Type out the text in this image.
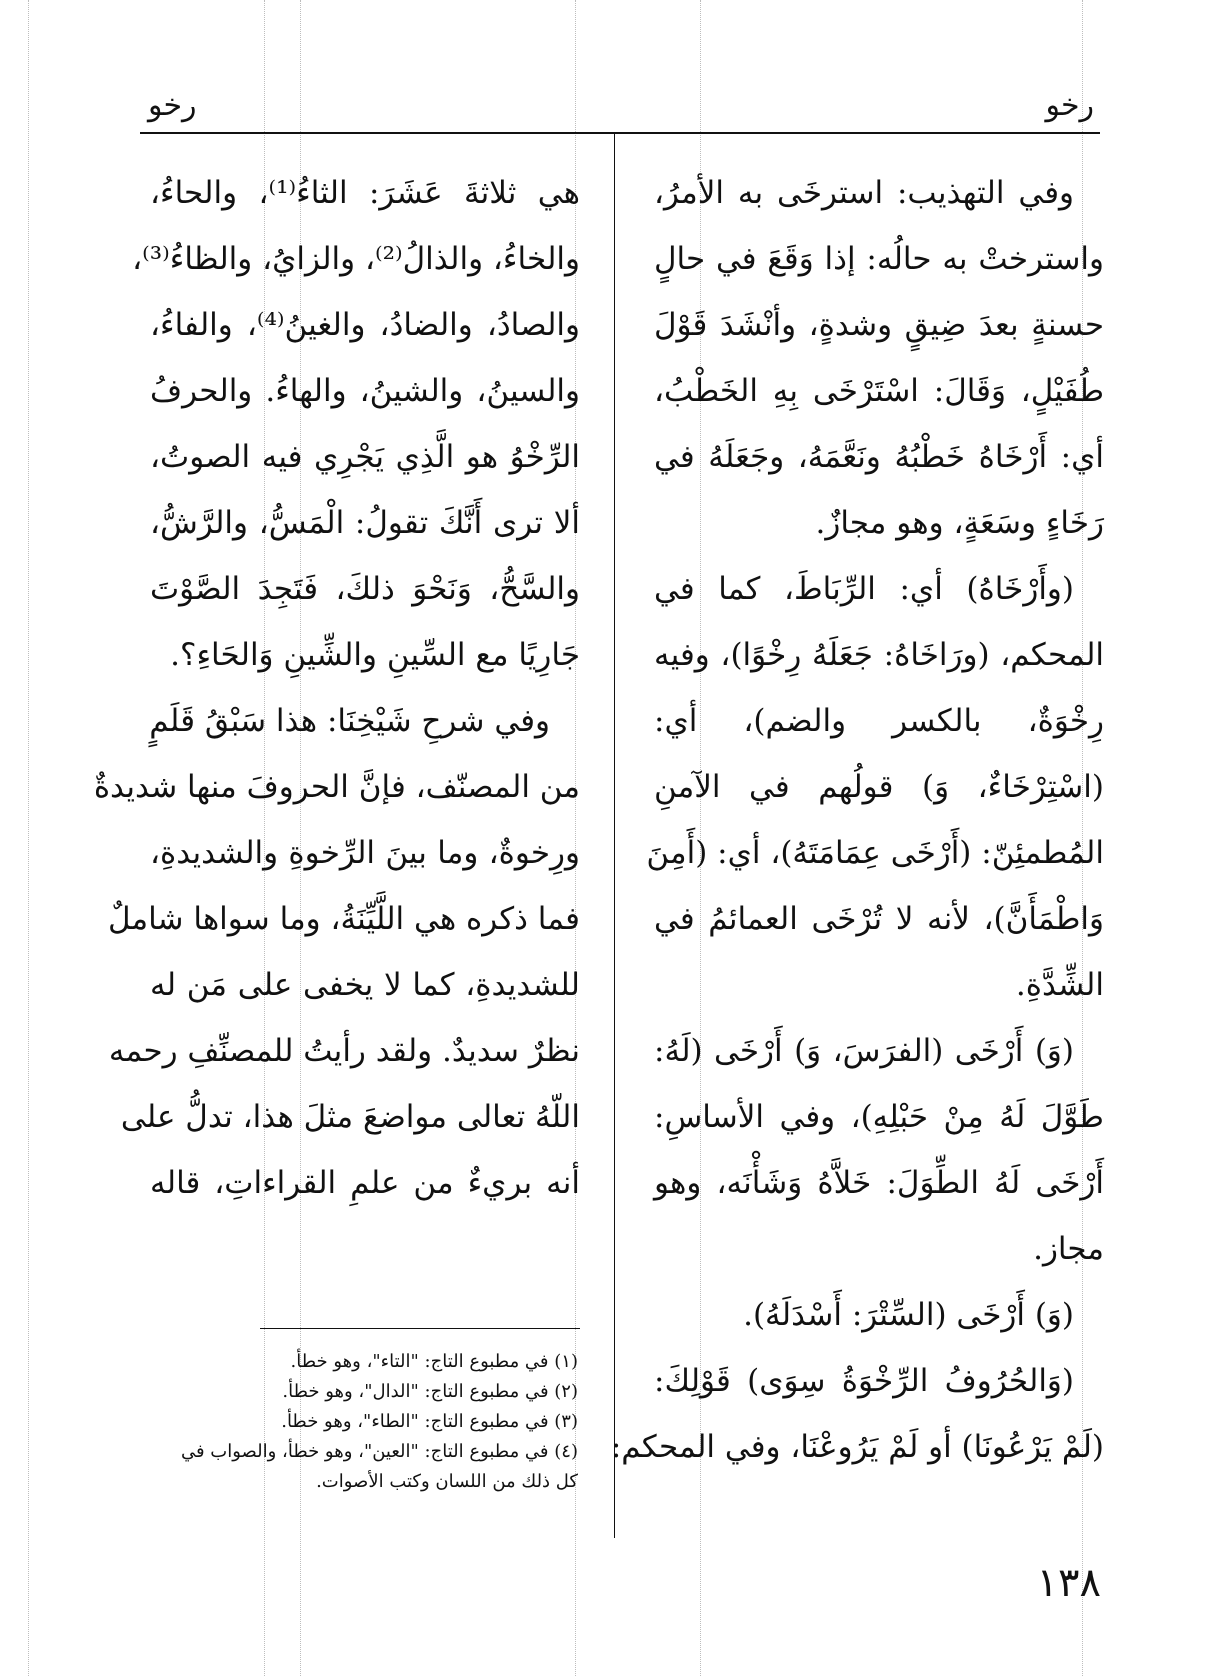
رخو
رخو
وفي التهذيب: استرخَى به الأمرُ،
واسترختْ به حالُه: إذا وَقَعَ في حالٍ
حسنةٍ بعدَ ضِيقٍ وشدةٍ، وأنْشَدَ قَوْلَ
طُفَيْلٍ، وَقَالَ: اسْتَرْخَى بِهِ الخَطْبُ،
أي: أَرْخَاهُ خَطْبُهُ ونَعَّمَهُ، وجَعَلَهُ في
رَخَاءٍ وسَعَةٍ، وهو مجازٌ.
(وأَرْخَاهُ) أي: الرِّبَاطَ، كما في
المحكم، (ورَاخَاهُ: جَعَلَهُ رِخْوًا)، وفيه
رِخْوَةٌ، بالكسر والضم)، أي:
(اسْتِرْخَاءٌ، وَ) قولُهم في الآمنِ
المُطمئِنّ: (أَرْخَى عِمَامَتَهُ)، أي: (أَمِنَ
وَاطْمَأَنَّ)، لأنه لا تُرْخَى العمائمُ في
الشِّدَّةِ.
(وَ) أَرْخَى (الفرَسَ، وَ) أَرْخَى (لَهُ:
طَوَّلَ لَهُ مِنْ حَبْلِهِ)، وفي الأساسِ:
أَرْخَى لَهُ الطِّوَلَ: خَلاَّهُ وَشَأْنَه، وهو
مجاز.
(وَ) أَرْخَى (السِّتْرَ: أَسْدَلَهُ).
(وَالحُرُوفُ الرِّخْوَةُ سِوَى) قَوْلِكَ:
(لَمْ يَرْعُونَا) أو لَمْ يَرُوعْنَا، وفي المحكم:
هي ثلاثةَ عَشَرَ: الثاءُ⁽¹⁾، والحاءُ،
والخاءُ، والذالُ⁽²⁾، والزايُ، والظاءُ⁽³⁾،
والصادُ، والضادُ، والغينُ⁽⁴⁾، والفاءُ،
والسينُ، والشينُ، والهاءُ. والحرفُ
الرِّخْوُ هو الَّذِي يَجْرِي فيه الصوتُ،
ألا ترى أَنَّكَ تقولُ: الْمَسُّ، والرَّشُّ،
والسَّحُّ، وَنَحْوَ ذلكَ، فَتَجِدَ الصَّوْتَ
جَارِيًا مع السِّينِ والشِّينِ وَالحَاءِ؟.
وفي شرحِ شَيْخِنَا: هذا سَبْقُ قَلَمٍ
من المصنّف، فإنَّ الحروفَ منها شديدةٌ
ورِخوةٌ، وما بينَ الرِّخوةِ والشديدةِ،
فما ذكره هي اللَّيِّنَةُ، وما سواها شاملٌ
للشديدةِ، كما لا يخفى على مَن له
نظرٌ سديدٌ. ولقد رأيتُ للمصنِّفِ رحمه
اللّهُ تعالى مواضعَ مثلَ هذا، تدلُّ على
أنه بريءٌ من علمِ القراءاتِ، قاله
(١) في مطبوع التاج: "التاء"، وهو خطأ.
(٢) في مطبوع التاج: "الدال"، وهو خطأ.
(٣) في مطبوع التاج: "الطاء"، وهو خطأ.
(٤) في مطبوع التاج: "العين"، وهو خطأ، والصواب في
كل ذلك من اللسان وكتب الأصوات.
١٣٨
